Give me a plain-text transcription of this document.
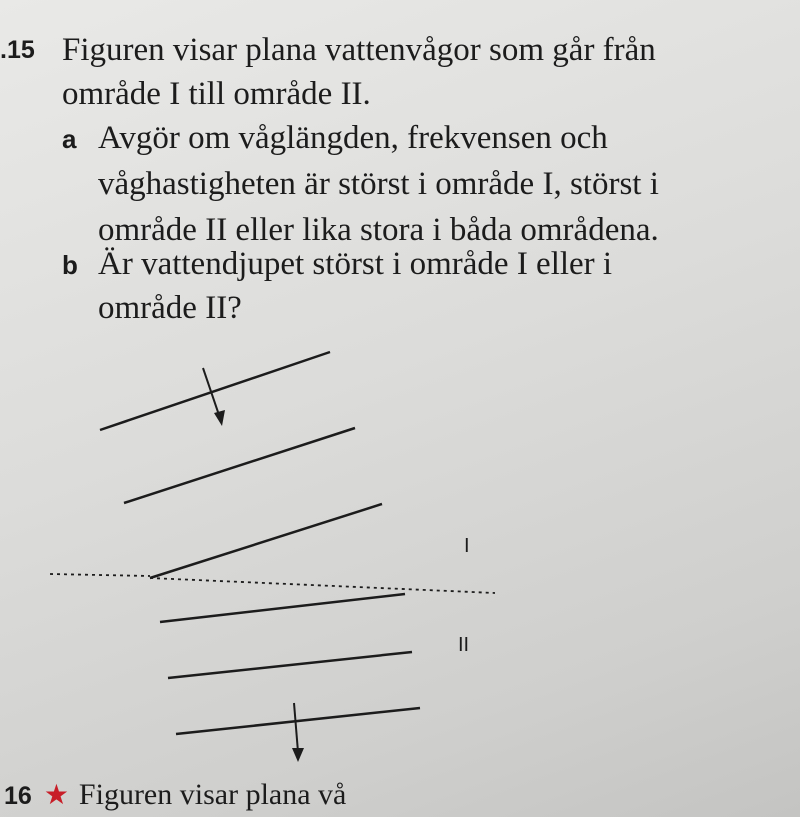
.15 Figuren visar plana vattenvågor som går från
område I till område II.
a Avgör om våglängden, frekvensen och
våghastigheten är störst i område I, störst i
område II eller lika stora i båda områdena.
b Är vattendjupet störst i område I eller i
område II?
I
II
16 ★ Figuren visar plana vå
